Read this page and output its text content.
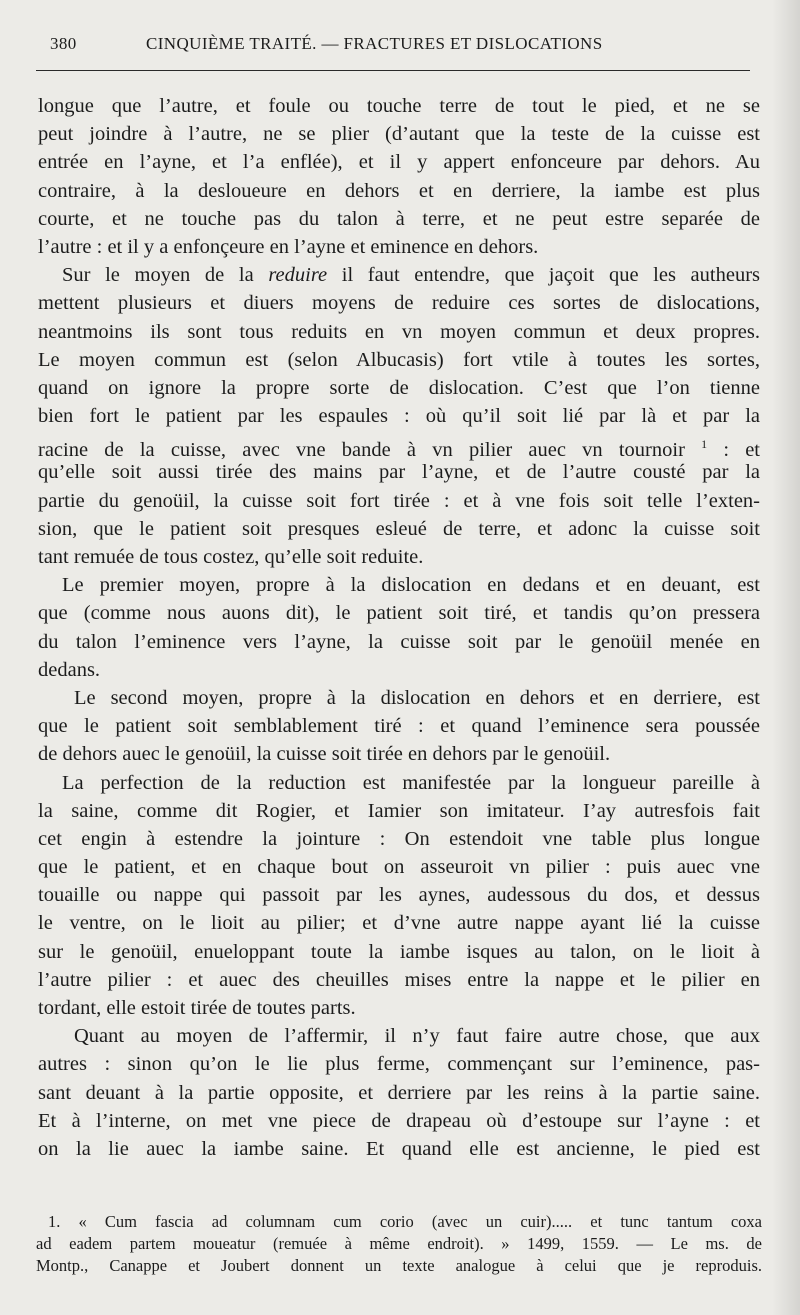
380	CINQUIÈME TRAITÉ. — FRACTURES ET DISLOCATIONS
longue que l’autre, et foule ou touche terre de tout le pied, et ne se
peut joindre à l’autre, ne se plier (d’autant que la teste de la cuisse est
entrée en l’ayne, et l’a enflée), et il y appert enfonceure par dehors. Au
contraire, à la desloueure en dehors et en derriere, la iambe est plus
courte, et ne touche pas du talon à terre, et ne peut estre separée de
l’autre : et il y a enfonçeure en l’ayne et eminence en dehors.
Sur le moyen de la reduire il faut entendre, que jaçoit que les autheurs
mettent plusieurs et diuers moyens de reduire ces sortes de dislocations,
neantmoins ils sont tous reduits en vn moyen commun et deux propres.
Le moyen commun est (selon Albucasis) fort vtile à toutes les sortes,
quand on ignore la propre sorte de dislocation. C’est que l’on tienne
bien fort le patient par les espaules : où qu’il soit lié par là et par la
racine de la cuisse, avec vne bande à vn pilier auec vn tournoir $^1$ : et
qu’elle soit aussi tirée des mains par l’ayne, et de l’autre cousté par la
partie du genoüil, la cuisse soit fort tirée : et à vne fois soit telle l’exten-
sion, que le patient soit presques esleué de terre, et adonc la cuisse soit
tant remuée de tous costez, qu’elle soit reduite.
Le premier moyen, propre à la dislocation en dedans et en deuant, est
que (comme nous auons dit), le patient soit tiré, et tandis qu’on pressera
du talon l’eminence vers l’ayne, la cuisse soit par le genoüil menée en
dedans.
Le second moyen, propre à la dislocation en dehors et en derriere, est
que le patient soit semblablement tiré : et quand l’eminence sera poussée
de dehors auec le genoüil, la cuisse soit tirée en dehors par le genoüil.
La perfection de la reduction est manifestée par la longueur pareille à
la saine, comme dit Rogier, et Iamier son imitateur. I’ay autresfois fait
cet engin à estendre la jointure : On estendoit vne table plus longue
que le patient, et en chaque bout on asseuroit vn pilier : puis auec vne
touaille ou nappe qui passoit par les aynes, audessous du dos, et dessus
le ventre, on le lioit au pilier; et d’vne autre nappe ayant lié la cuisse
sur le genoüil, enueloppant toute la iambe isques au talon, on le lioit à
l’autre pilier : et auec des cheuilles mises entre la nappe et le pilier en
tordant, elle estoit tirée de toutes parts.
Quant au moyen de l’affermir, il n’y faut faire autre chose, que aux
autres : sinon qu’on le lie plus ferme, commençant sur l’eminence, pas-
sant deuant à la partie opposite, et derriere par les reins à la partie saine.
Et à l’interne, on met vne piece de drapeau où d’estoupe sur l’ayne : et
on la lie auec la iambe saine. Et quand elle est ancienne, le pied est
1. « Cum fascia ad columnam cum corio (avec un cuir)..... et tunc tantum coxa
ad eadem partem moueatur (remuée à même endroit). » 1499, 1559. — Le ms. de
Montp., Canappe et Joubert donnent un texte analogue à celui que je reproduis.
